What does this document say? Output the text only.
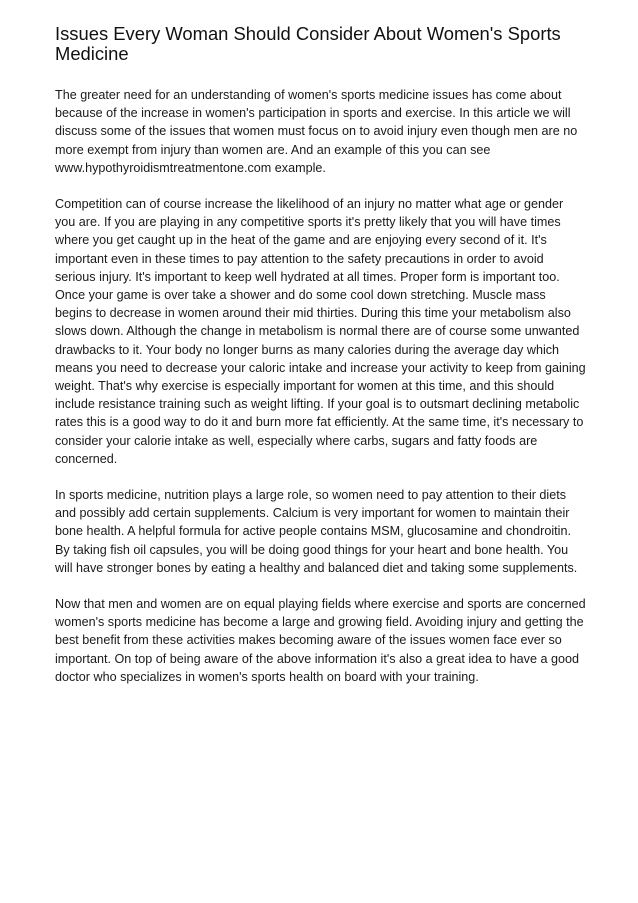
Issues Every Woman Should Consider About Women's Sports Medicine

The greater need for an understanding of women's sports medicine issues has come about because of the increase in women's participation in sports and exercise. In this article we will discuss some of the issues that women must focus on to avoid injury even though men are no more exempt from injury than women are. And an example of this you can see www.hypothyroidismtreatmentone.com example.

Competition can of course increase the likelihood of an injury no matter what age or gender you are. If you are playing in any competitive sports it's pretty likely that you will have times where you get caught up in the heat of the game and are enjoying every second of it. It's important even in these times to pay attention to the safety precautions in order to avoid serious injury. It's important to keep well hydrated at all times. Proper form is important too. Once your game is over take a shower and do some cool down stretching. Muscle mass begins to decrease in women around their mid thirties. During this time your metabolism also slows down. Although the change in metabolism is normal there are of course some unwanted drawbacks to it. Your body no longer burns as many calories during the average day which means you need to decrease your caloric intake and increase your activity to keep from gaining weight. That's why exercise is especially important for women at this time, and this should include resistance training such as weight lifting. If your goal is to outsmart declining metabolic rates this is a good way to do it and burn more fat efficiently. At the same time, it's necessary to consider your calorie intake as well, especially where carbs, sugars and fatty foods are concerned.

In sports medicine, nutrition plays a large role, so women need to pay attention to their diets and possibly add certain supplements. Calcium is very important for women to maintain their bone health. A helpful formula for active people contains MSM, glucosamine and chondroitin. By taking fish oil capsules, you will be doing good things for your heart and bone health. You will have stronger bones by eating a healthy and balanced diet and taking some supplements.

Now that men and women are on equal playing fields where exercise and sports are concerned women's sports medicine has become a large and growing field. Avoiding injury and getting the best benefit from these activities makes becoming aware of the issues women face ever so important. On top of being aware of the above information it's also a great idea to have a good doctor who specializes in women's sports health on board with your training.
